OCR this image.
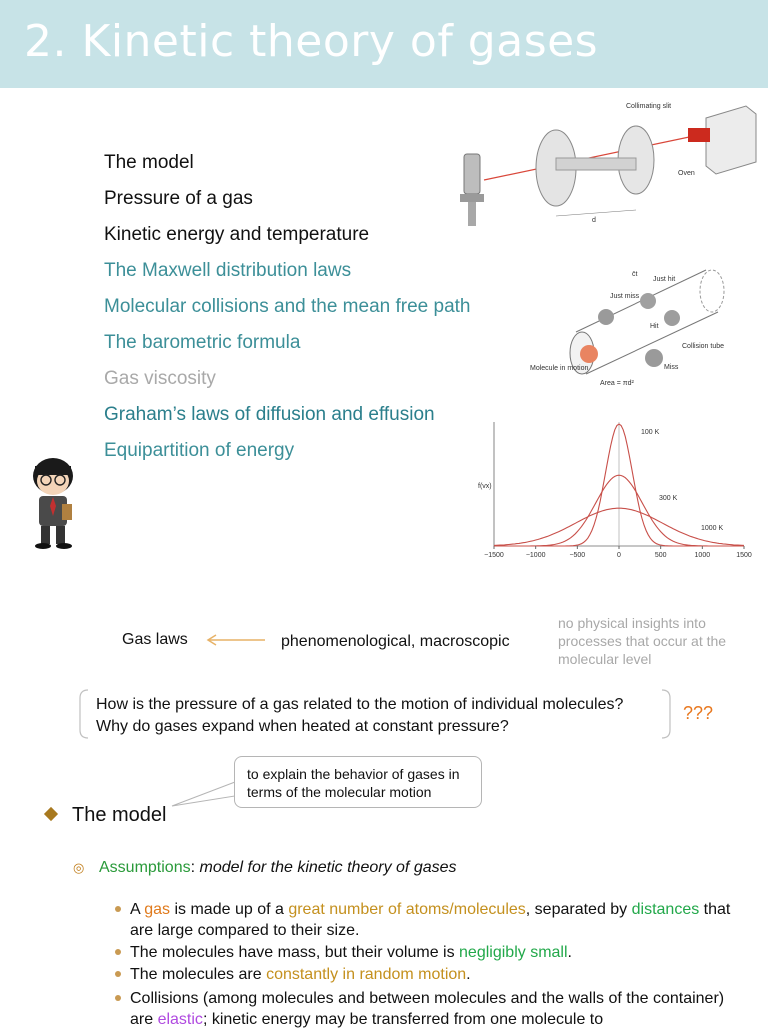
2. Kinetic theory of gases
The model
Pressure of a gas
Kinetic energy and temperature
The Maxwell distribution laws
Molecular collisions and the mean free path
The barometric formula
Gas viscosity
Graham’s laws of diffusion and effusion
Equipartition of energy
Collimating slit
Oven
d
c̄t
Just hit
Just miss
Hit
Collision tube
Molecule in motion
Area = πd²
Miss
f(vx)
100 K
300 K
1000 K
−1500	−1000	−500	0	500	1000	1500
Gas laws	phenomenological, macroscopic
no physical insights into processes that occur at the molecular level
How is the pressure of a gas related to the motion of individual molecules?
Why do gases expand when heated at constant pressure?
???
to explain the behavior of gases in terms of the molecular motion
The model
◎ Assumptions: model for the kinetic theory of gases
A gas is made up of a great number of atoms/molecules, separated by distances that are large compared to their size.
The molecules have mass, but their volume is negligibly small.
The molecules are constantly in random motion.
Collisions (among molecules and between molecules and the walls of the container) are elastic; kinetic energy may be transferred from one molecule to
